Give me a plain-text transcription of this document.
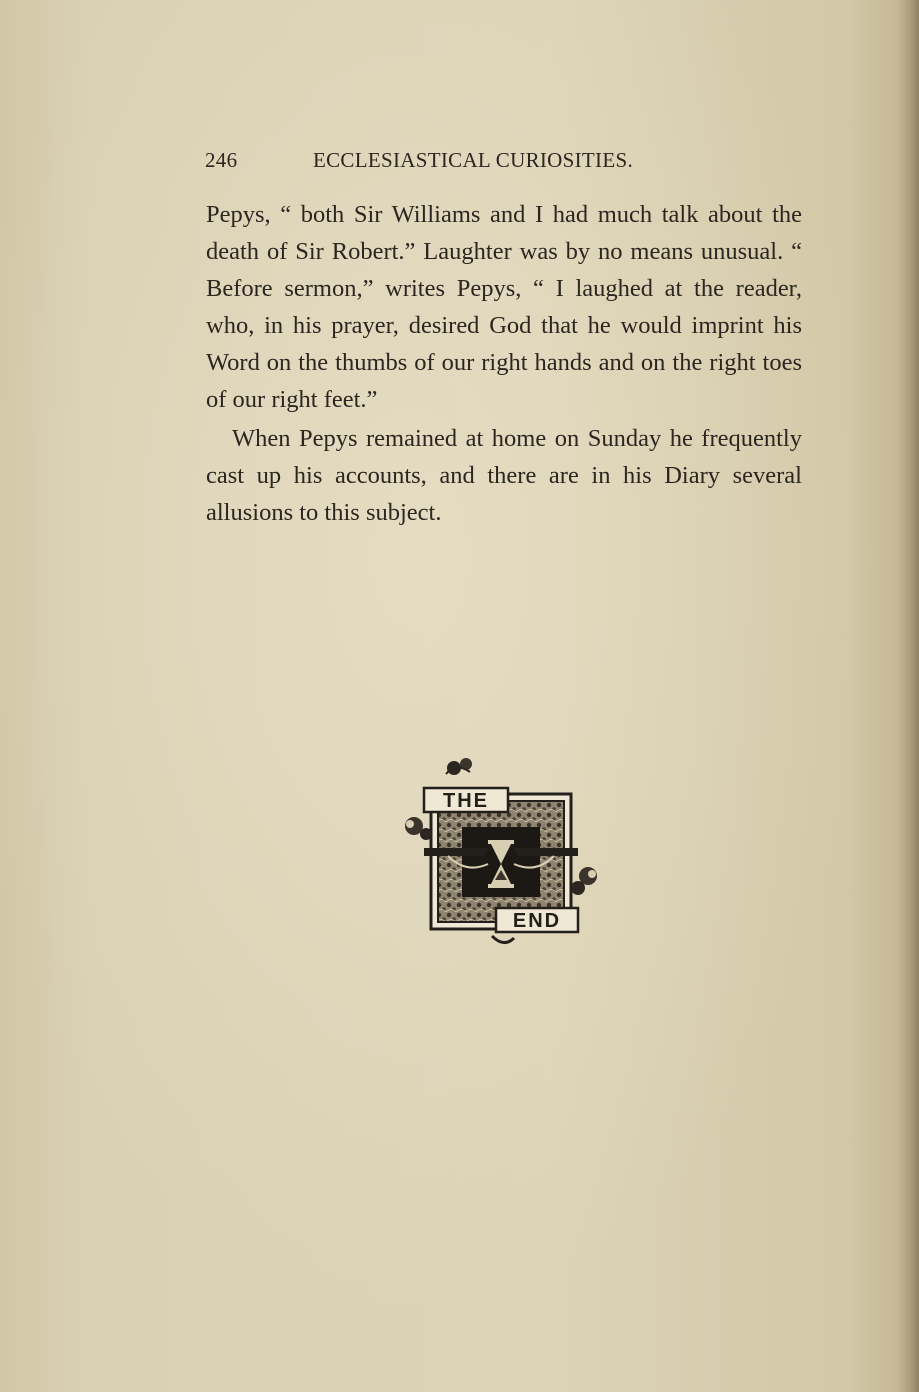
246	ECCLESIASTICAL CURIOSITIES.

Pepys, “ both Sir Williams and I had much talk about the death of Sir Robert.” Laughter was by no means unusual. “ Before sermon,” writes Pepys, “ I laughed at the reader, who, in his prayer, desired God that he would imprint his Word on the thumbs of our right hands and on the right toes of our right feet.”

When Pepys remained at home on Sunday he frequently cast up his accounts, and there are in his Diary several allusions to this subject.

THE
END
